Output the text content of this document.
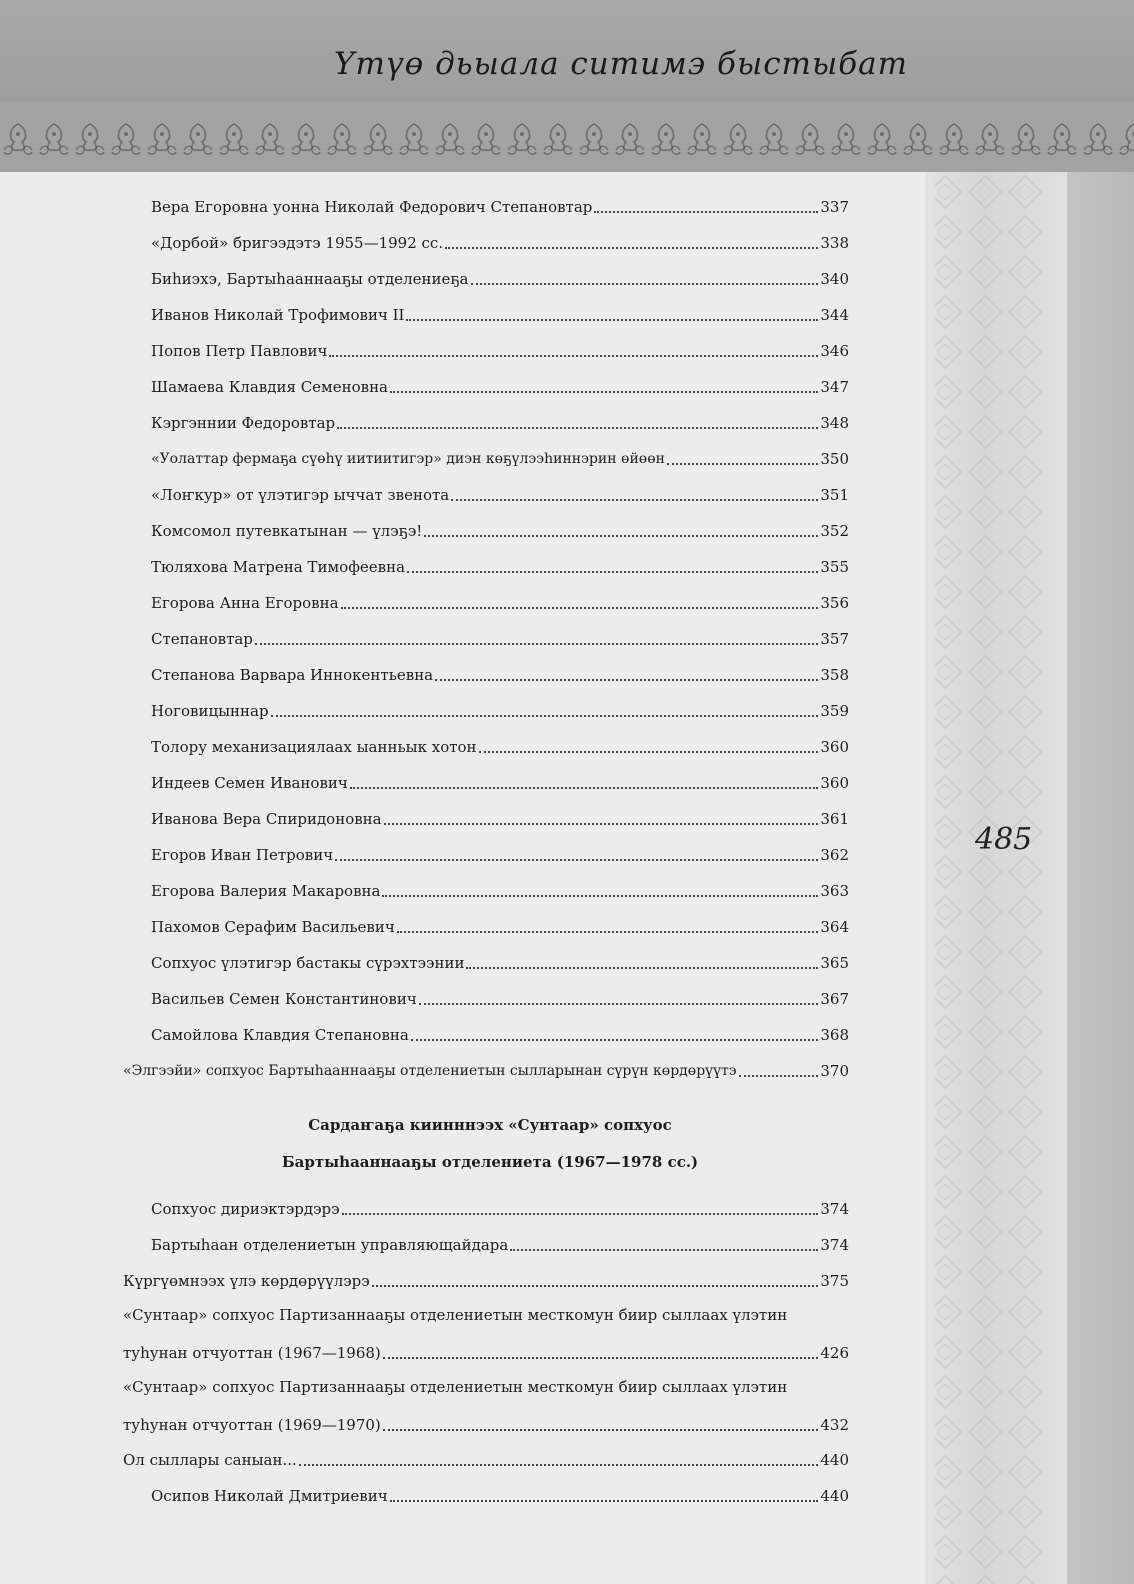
Үтүө дьыала ситимэ быстыбат
485
Вера Егоровна уонна Николай Федорович Степановтар	337
«Дорбой» бригээдэтэ 1955—1992 сс.	338
Биһиэхэ, Бартыһааннааҕы отделениеҕа	340
Иванов Николай Трофимович II	344
Попов Петр Павлович	346
Шамаева Клавдия Семеновна	347
Кэргэннии Федоровтар	348
«Уолаттар фермаҕа сүөһү иитиитигэр» диэн көҕүлээһиннэрин өйөөн	350
«Лоҥкур» от үлэтигэр ыччат звенота	351
Комсомол путевкатынан — үлэҕэ!	352
Тюляхова Матрена Тимофеевна	355
Егорова Анна Егоровна	356
Степановтар	357
Степанова Варвара Иннокентьевна	358
Ноговицыннар	359
Толору механизациялаах ыанньык хотон	360
Индеев Семен Иванович	360
Иванова Вера Спиридоновна	361
Егоров Иван Петрович	362
Егорова Валерия Макаровна	363
Пахомов Серафим Васильевич	364
Сопхуос үлэтигэр бастакы сүрэхтээнии	365
Васильев Семен Константинович	367
Самойлова Клавдия Степановна	368
«Элгээйи» сопхуос Бартыһааннааҕы отделениетын сылларынан сүрүн көрдөрүүтэ	370
Сардаҥаҕа киинннээх «Сунтаар» сопхуос
Бартыһааннааҕы отделениета (1967—1978 сс.)
Сопхуос дириэктэрдэрэ	374
Бартыһаан отделениетын управляющайдара	374
Күргүөмнээх үлэ көрдөрүүлэрэ	375
«Сунтаар» сопхуос Партизаннааҕы отделениетын месткомун биир сыллаах үлэтин
туһунан отчуоттан (1967—1968)	426
«Сунтаар» сопхуос Партизаннааҕы отделениетын месткомун биир сыллаах үлэтин
туһунан отчуоттан (1969—1970)	432
Ол сыллары саныан...	440
Осипов Николай Дмитриевич	440
